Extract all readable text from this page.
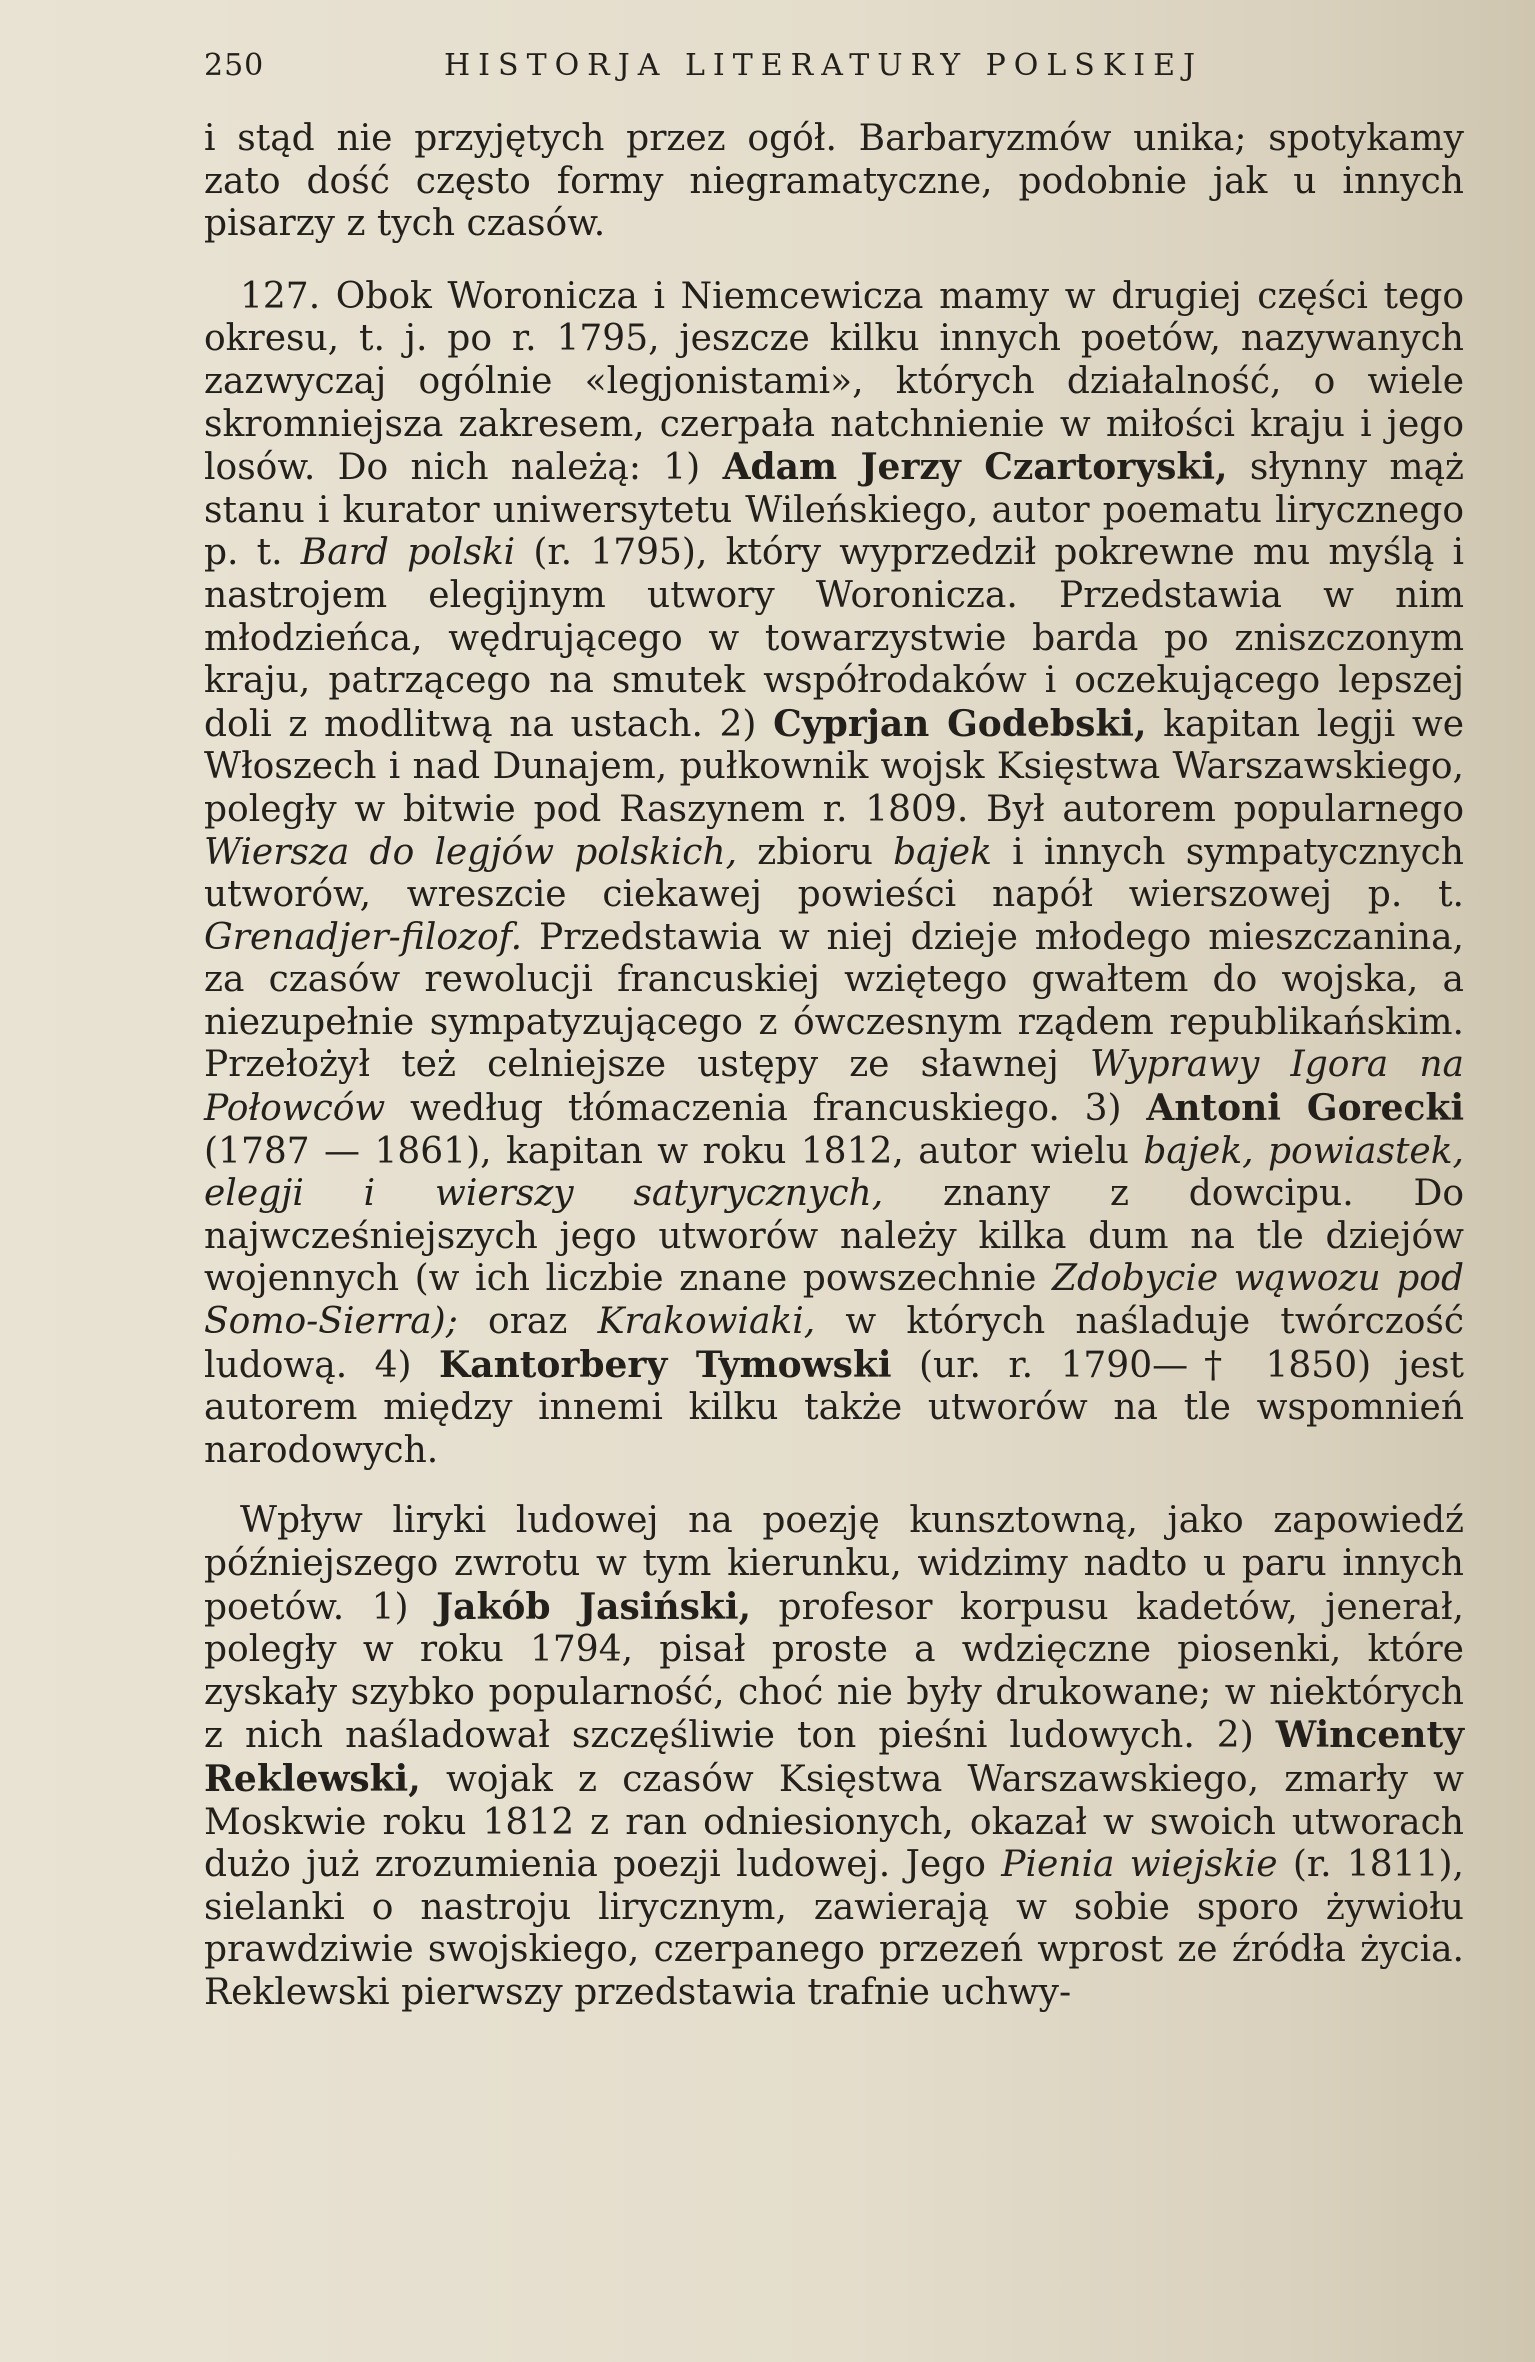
250	HISTORJA LITERATURY POLSKIEJ

i stąd nie przyjętych przez ogół. Barbaryzmów unika; spotykamy zato dość często formy niegramatyczne, podobnie jak u innych pisarzy z tych czasów.

127. Obok Woronicza i Niemcewicza mamy w drugiej części tego okresu, t. j. po r. 1795, jeszcze kilku innych poetów, nazywanych zazwyczaj ogólnie «legjonistami», których działalność, o wiele skromniejsza zakresem, czerpała natchnienie w miłości kraju i jego losów. Do nich należą: 1) Adam Jerzy Czartoryski, słynny mąż stanu i kurator uniwersytetu Wileńskiego, autor poematu lirycznego p. t. Bard polski (r. 1795), który wyprzedził pokrewne mu myślą i nastrojem elegijnym utwory Woronicza. Przedstawia w nim młodzieńca, wędrującego w towarzystwie barda po zniszczonym kraju, patrzącego na smutek współrodaków i oczekującego lepszej doli z modlitwą na ustach. 2) Cyprjan Godebski, kapitan legji we Włoszech i nad Dunajem, pułkownik wojsk Księstwa Warszawskiego, poległy w bitwie pod Raszynem r. 1809. Był autorem popularnego Wiersza do legjów polskich, zbioru bajek i innych sympatycznych utworów, wreszcie ciekawej powieści napół wierszowej p. t. Grenadjer-filozof. Przedstawia w niej dzieje młodego mieszczanina, za czasów rewolucji francuskiej wziętego gwałtem do wojska, a niezupełnie sympatyzującego z ówczesnym rządem republikańskim. Przełożył też celniejsze ustępy ze sławnej Wyprawy Igora na Połowców według tłómaczenia francuskiego. 3) Antoni Gorecki (1787 — 1861), kapitan w roku 1812, autor wielu bajek, powiastek, elegji i wierszy satyrycznych, znany z dowcipu. Do najwcześniejszych jego utworów należy kilka dum na tle dziejów wojennych (w ich liczbie znane powszechnie Zdobycie wąwozu pod Somo-Sierra); oraz Krakowiaki, w których naśladuje twórczość ludową. 4) Kantorbery Tymowski (ur. r. 1790—† 1850) jest autorem między innemi kilku także utworów na tle wspomnień narodowych.

Wpływ liryki ludowej na poezję kunsztowną, jako zapowiedź późniejszego zwrotu w tym kierunku, widzimy nadto u paru innych poetów. 1) Jakób Jasiński, profesor korpusu kadetów, jenerał, poległy w roku 1794, pisał proste a wdzięczne piosenki, które zyskały szybko popularność, choć nie były drukowane; w niektórych z nich naśladował szczęśliwie ton pieśni ludowych. 2) Wincenty Reklewski, wojak z czasów Księstwa Warszawskiego, zmarły w Moskwie roku 1812 z ran odniesionych, okazał w swoich utworach dużo już zrozumienia poezji ludowej. Jego Pienia wiejskie (r. 1811), sielanki o nastroju lirycznym, zawierają w sobie sporo żywiołu prawdziwie swojskiego, czerpanego przezeń wprost ze źródła życia. Reklewski pierwszy przedstawia trafnie uchwy-
